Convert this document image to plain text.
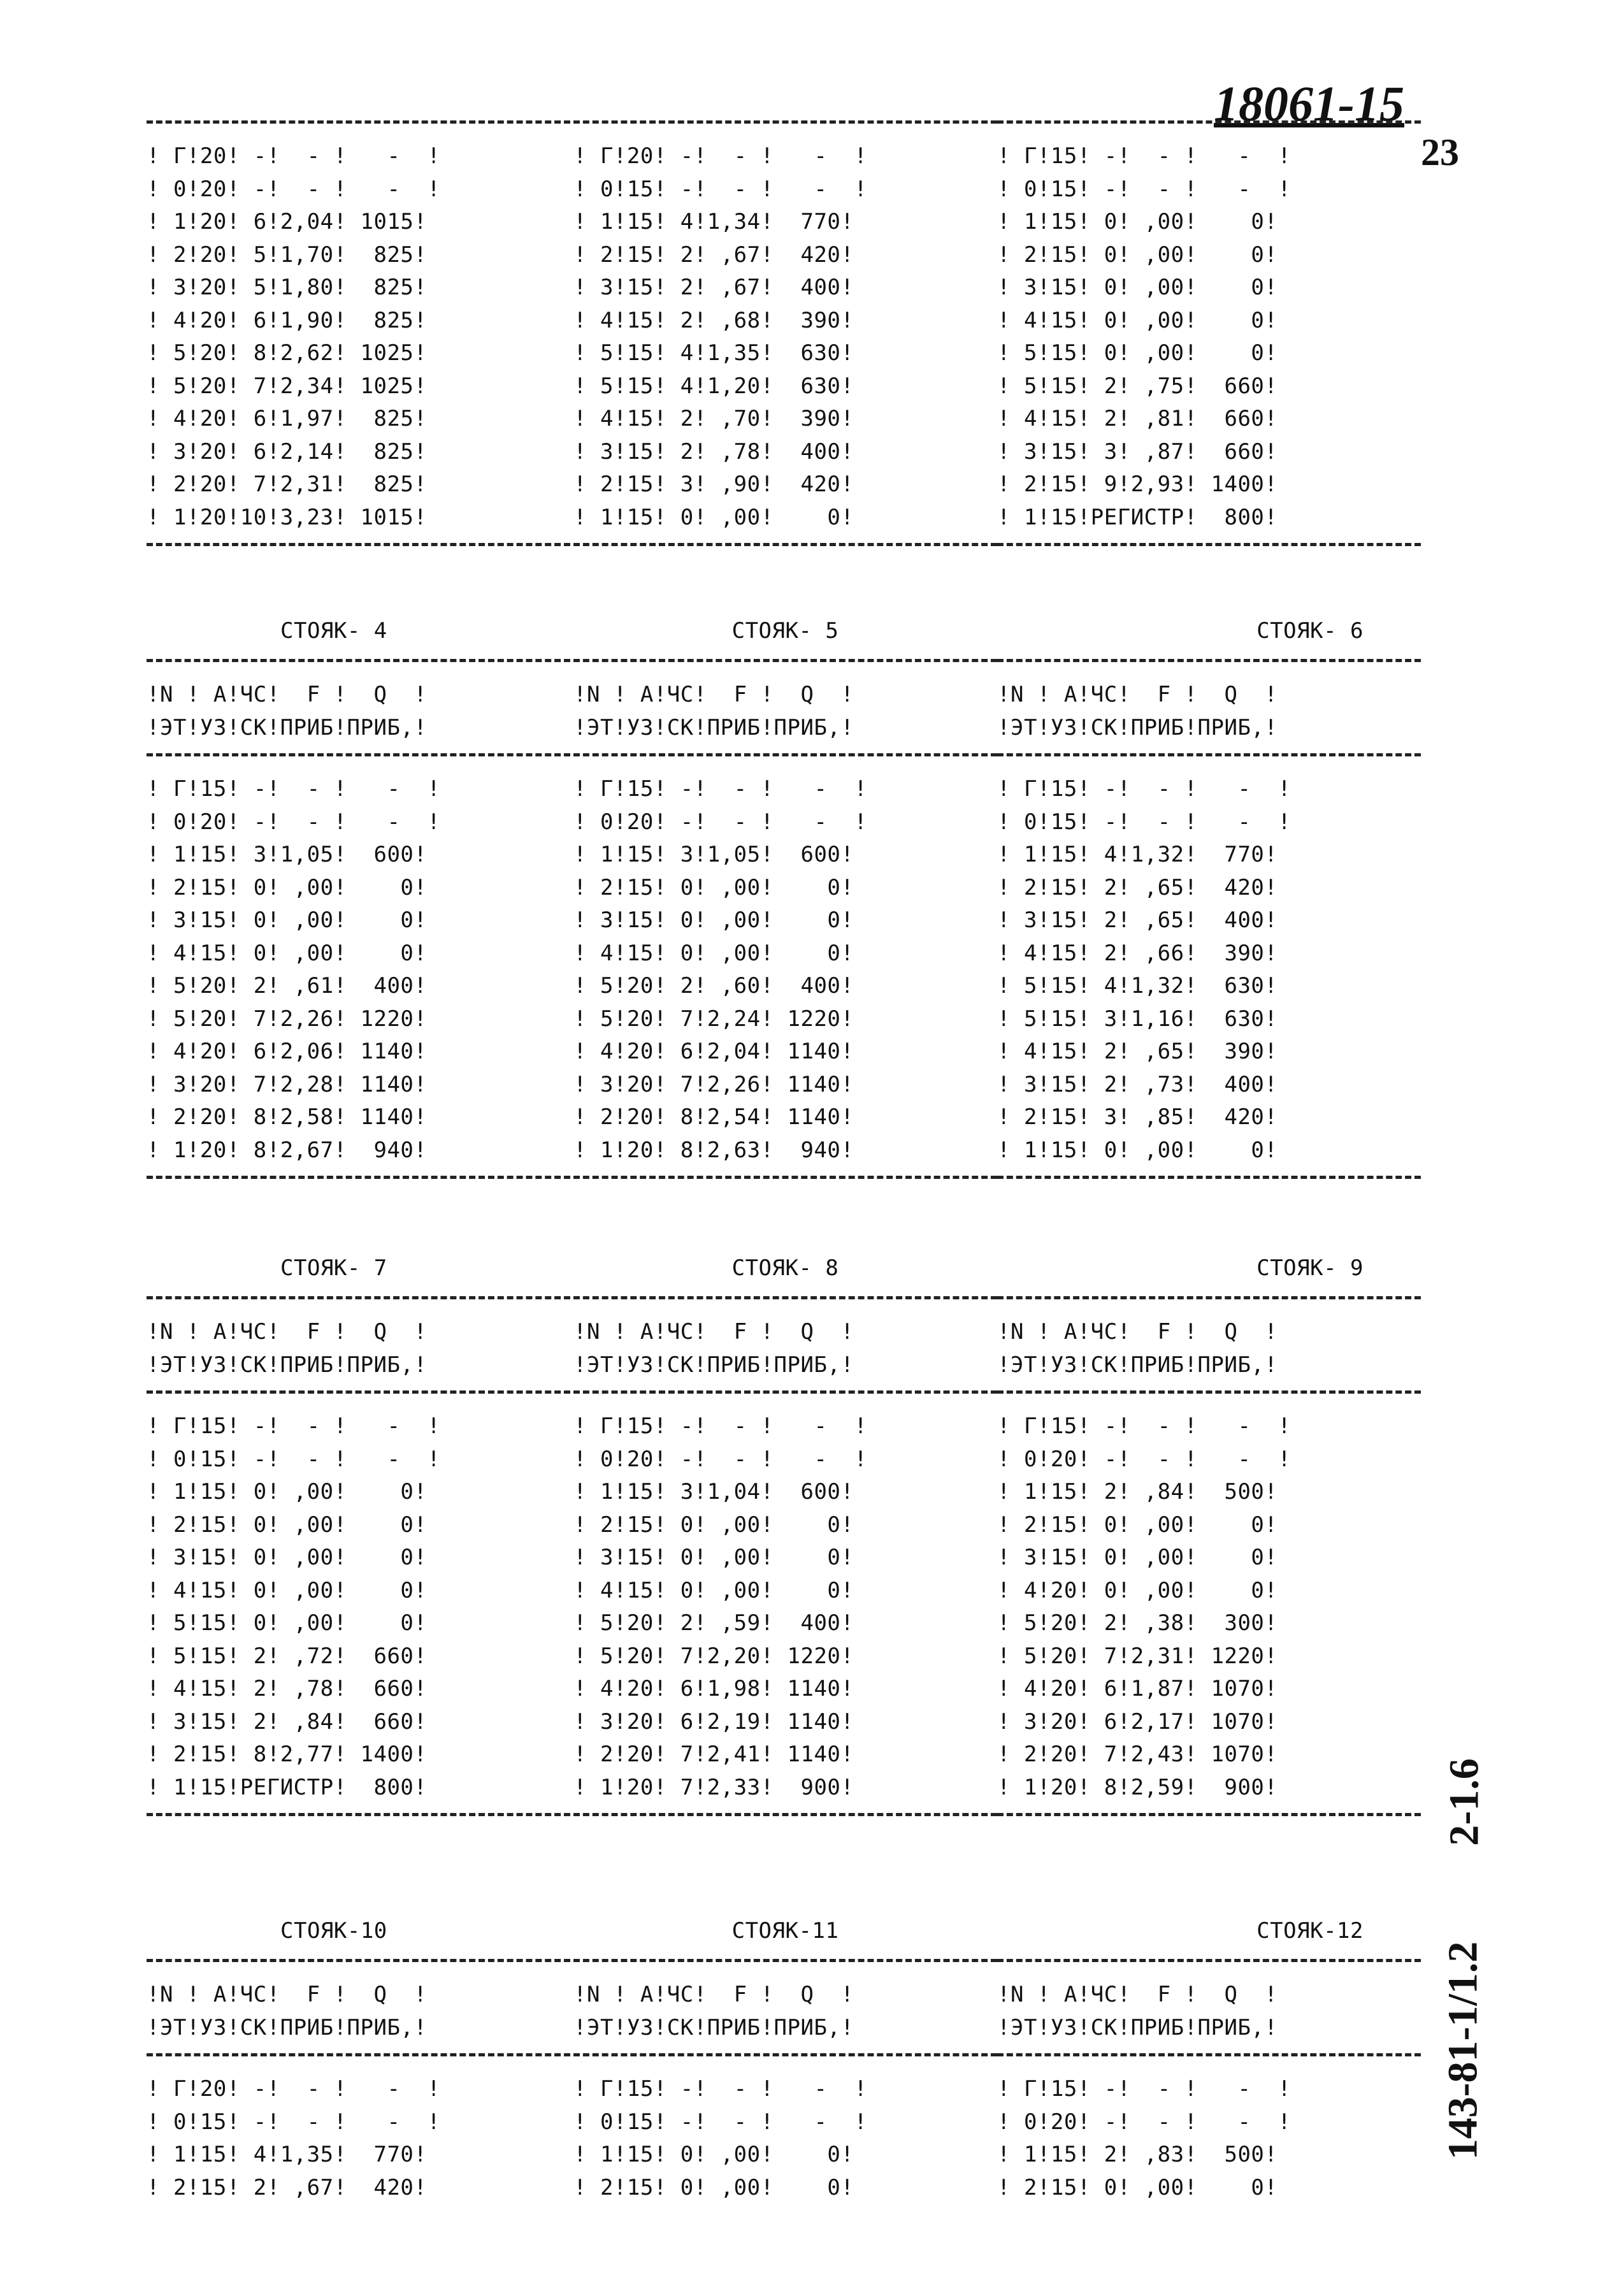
18061-15
23
2-1.6
143-81-1/1.2
! Г!20! -!  - !   -  !
! 0!20! -!  - !   -  !
! 1!20! 6!2,04! 1015!
! 2!20! 5!1,70!  825!
! 3!20! 5!1,80!  825!
! 4!20! 6!1,90!  825!
! 5!20! 8!2,62! 1025!
! 5!20! 7!2,34! 1025!
! 4!20! 6!1,97!  825!
! 3!20! 6!2,14!  825!
! 2!20! 7!2,31!  825!
! 1!20!10!3,23! 1015!
! Г!20! -!  - !   -  !
! 0!15! -!  - !   -  !
! 1!15! 4!1,34!  770!
! 2!15! 2! ,67!  420!
! 3!15! 2! ,67!  400!
! 4!15! 2! ,68!  390!
! 5!15! 4!1,35!  630!
! 5!15! 4!1,20!  630!
! 4!15! 2! ,70!  390!
! 3!15! 2! ,78!  400!
! 2!15! 3! ,90!  420!
! 1!15! 0! ,00!    0!
! Г!15! -!  - !   -  !
! 0!15! -!  - !   -  !
! 1!15! 0! ,00!    0!
! 2!15! 0! ,00!    0!
! 3!15! 0! ,00!    0!
! 4!15! 0! ,00!    0!
! 5!15! 0! ,00!    0!
! 5!15! 2! ,75!  660!
! 4!15! 2! ,81!  660!
! 3!15! 3! ,87!  660!
! 2!15! 9!2,93! 1400!
! 1!15!РЕГИСТР!  800!
СТОЯК- 4
!N ! А!ЧС!  F !  Q  !
!ЭТ!УЗ!СК!ПРИБ!ПРИБ,!
! Г!15! -!  - !   -  !
! 0!20! -!  - !   -  !
! 1!15! 3!1,05!  600!
! 2!15! 0! ,00!    0!
! 3!15! 0! ,00!    0!
! 4!15! 0! ,00!    0!
! 5!20! 2! ,61!  400!
! 5!20! 7!2,26! 1220!
! 4!20! 6!2,06! 1140!
! 3!20! 7!2,28! 1140!
! 2!20! 8!2,58! 1140!
! 1!20! 8!2,67!  940!
СТОЯК- 5
!N ! А!ЧС!  F !  Q  !
!ЭТ!УЗ!СК!ПРИБ!ПРИБ,!
! Г!15! -!  - !   -  !
! 0!20! -!  - !   -  !
! 1!15! 3!1,05!  600!
! 2!15! 0! ,00!    0!
! 3!15! 0! ,00!    0!
! 4!15! 0! ,00!    0!
! 5!20! 2! ,60!  400!
! 5!20! 7!2,24! 1220!
! 4!20! 6!2,04! 1140!
! 3!20! 7!2,26! 1140!
! 2!20! 8!2,54! 1140!
! 1!20! 8!2,63!  940!
СТОЯК- 6
!N ! А!ЧС!  F !  Q  !
!ЭТ!УЗ!СК!ПРИБ!ПРИБ,!
! Г!15! -!  - !   -  !
! 0!15! -!  - !   -  !
! 1!15! 4!1,32!  770!
! 2!15! 2! ,65!  420!
! 3!15! 2! ,65!  400!
! 4!15! 2! ,66!  390!
! 5!15! 4!1,32!  630!
! 5!15! 3!1,16!  630!
! 4!15! 2! ,65!  390!
! 3!15! 2! ,73!  400!
! 2!15! 3! ,85!  420!
! 1!15! 0! ,00!    0!
СТОЯК- 7
!N ! А!ЧС!  F !  Q  !
!ЭТ!УЗ!СК!ПРИБ!ПРИБ,!
! Г!15! -!  - !   -  !
! 0!15! -!  - !   -  !
! 1!15! 0! ,00!    0!
! 2!15! 0! ,00!    0!
! 3!15! 0! ,00!    0!
! 4!15! 0! ,00!    0!
! 5!15! 0! ,00!    0!
! 5!15! 2! ,72!  660!
! 4!15! 2! ,78!  660!
! 3!15! 2! ,84!  660!
! 2!15! 8!2,77! 1400!
! 1!15!РЕГИСТР!  800!
СТОЯК- 8
!N ! А!ЧС!  F !  Q  !
!ЭТ!УЗ!СК!ПРИБ!ПРИБ,!
! Г!15! -!  - !   -  !
! 0!20! -!  - !   -  !
! 1!15! 3!1,04!  600!
! 2!15! 0! ,00!    0!
! 3!15! 0! ,00!    0!
! 4!15! 0! ,00!    0!
! 5!20! 2! ,59!  400!
! 5!20! 7!2,20! 1220!
! 4!20! 6!1,98! 1140!
! 3!20! 6!2,19! 1140!
! 2!20! 7!2,41! 1140!
! 1!20! 7!2,33!  900!
СТОЯК- 9
!N ! А!ЧС!  F !  Q  !
!ЭТ!УЗ!СК!ПРИБ!ПРИБ,!
! Г!15! -!  - !   -  !
! 0!20! -!  - !   -  !
! 1!15! 2! ,84!  500!
! 2!15! 0! ,00!    0!
! 3!15! 0! ,00!    0!
! 4!20! 0! ,00!    0!
! 5!20! 2! ,38!  300!
! 5!20! 7!2,31! 1220!
! 4!20! 6!1,87! 1070!
! 3!20! 6!2,17! 1070!
! 2!20! 7!2,43! 1070!
! 1!20! 8!2,59!  900!
СТОЯК-10
!N ! А!ЧС!  F !  Q  !
!ЭТ!УЗ!СК!ПРИБ!ПРИБ,!
! Г!20! -!  - !   -  !
! 0!15! -!  - !   -  !
! 1!15! 4!1,35!  770!
! 2!15! 2! ,67!  420!
СТОЯК-11
!N ! А!ЧС!  F !  Q  !
!ЭТ!УЗ!СК!ПРИБ!ПРИБ,!
! Г!15! -!  - !   -  !
! 0!15! -!  - !   -  !
! 1!15! 0! ,00!    0!
! 2!15! 0! ,00!    0!
СТОЯК-12
!N ! А!ЧС!  F !  Q  !
!ЭТ!УЗ!СК!ПРИБ!ПРИБ,!
! Г!15! -!  - !   -  !
! 0!20! -!  - !   -  !
! 1!15! 2! ,83!  500!
! 2!15! 0! ,00!    0!
